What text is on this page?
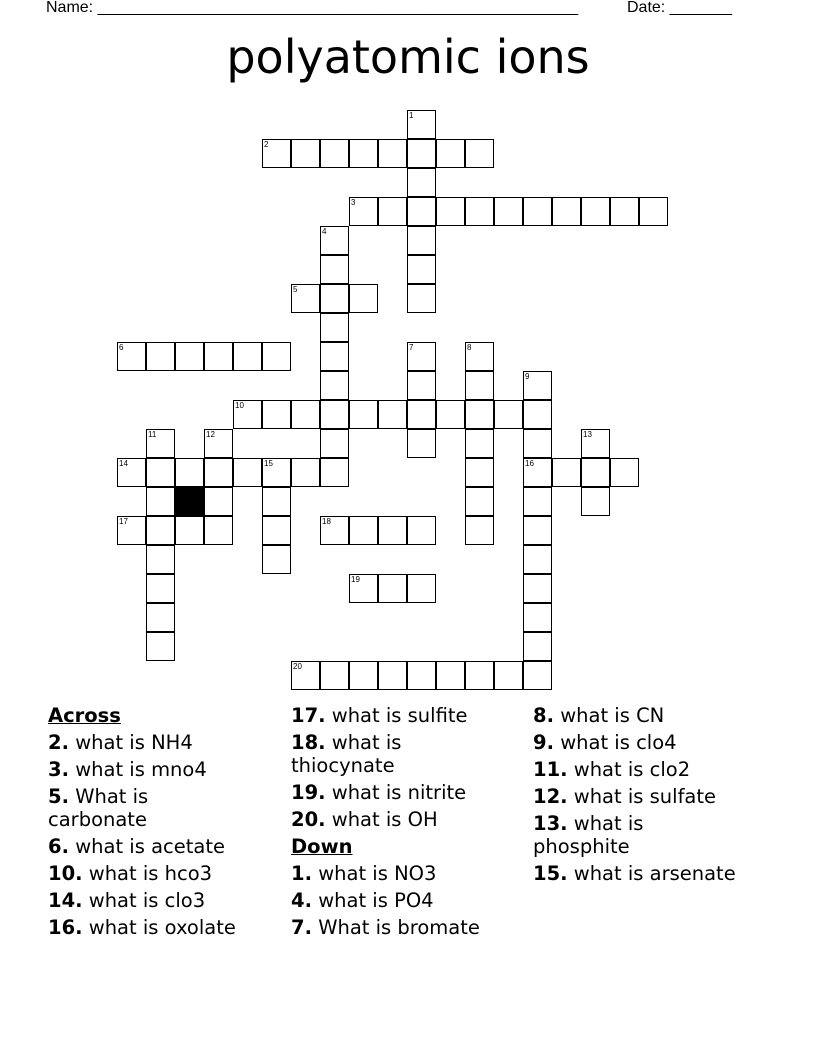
Name: ______________________________________________________	Date: _______
polyatomic ions
1
2
3
4
5
6	7	8
9
10
11	12	13
14	15	16
17	18
19
20
Across
2. what is NH4
3. what is mno4
5. What is carbonate
6. what is acetate
10. what is hco3
14. what is clo3
16. what is oxolate
17. what is sulfite
18. what is thiocynate
19. what is nitrite
20. what is OH
Down
1. what is NO3
4. what is PO4
7. What is bromate
8. what is CN
9. what is clo4
11. what is clo2
12. what is sulfate
13. what is phosphite
15. what is arsenate
